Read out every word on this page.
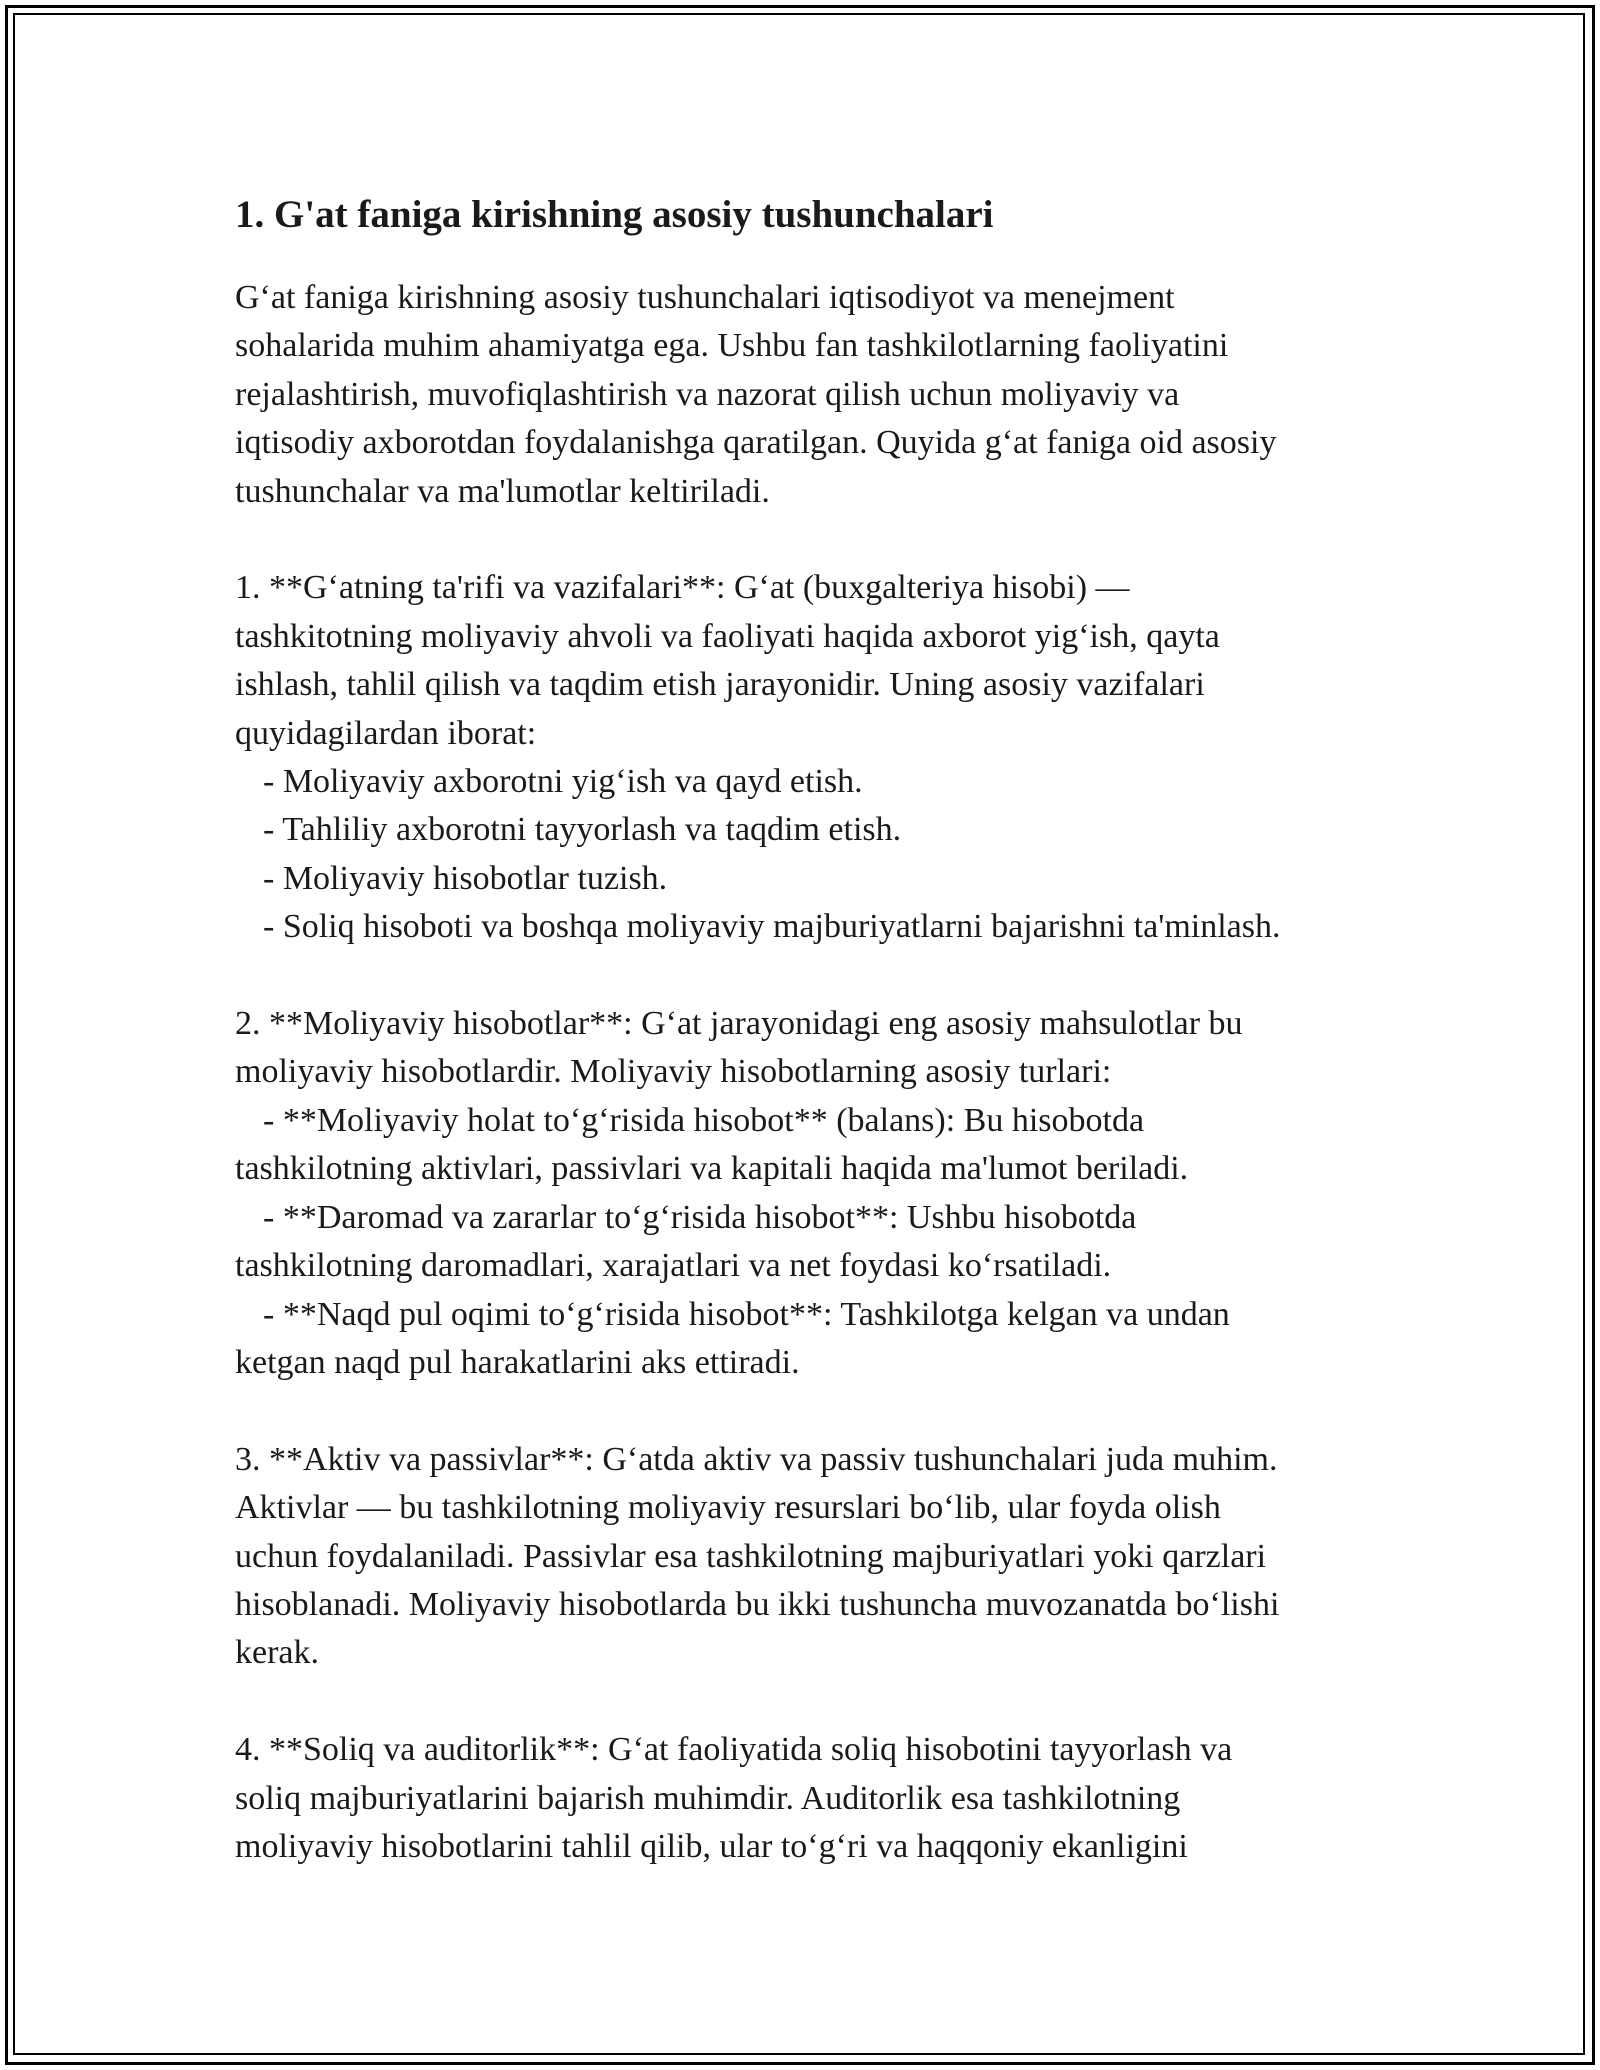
1. G'at faniga kirishning asosiy tushunchalari
G‘at faniga kirishning asosiy tushunchalari iqtisodiyot va menejment
sohalarida muhim ahamiyatga ega. Ushbu fan tashkilotlarning faoliyatini
rejalashtirish, muvofiqlashtirish va nazorat qilish uchun moliyaviy va
iqtisodiy axborotdan foydalanishga qaratilgan. Quyida g‘at faniga oid asosiy
tushunchalar va ma'lumotlar keltiriladi.
1. **G‘atning ta'rifi va vazifalari**: G‘at (buxgalteriya hisobi) —
tashkitotning moliyaviy ahvoli va faoliyati haqida axborot yig‘ish, qayta
ishlash, tahlil qilish va taqdim etish jarayonidir. Uning asosiy vazifalari
quyidagilardan iborat:
- Moliyaviy axborotni yig‘ish va qayd etish.
- Tahliliy axborotni tayyorlash va taqdim etish.
- Moliyaviy hisobotlar tuzish.
- Soliq hisoboti va boshqa moliyaviy majburiyatlarni bajarishni ta'minlash.
2. **Moliyaviy hisobotlar**: G‘at jarayonidagi eng asosiy mahsulotlar bu
moliyaviy hisobotlardir. Moliyaviy hisobotlarning asosiy turlari:
- **Moliyaviy holat to‘g‘risida hisobot** (balans): Bu hisobotda
tashkilotning aktivlari, passivlari va kapitali haqida ma'lumot beriladi.
- **Daromad va zararlar to‘g‘risida hisobot**: Ushbu hisobotda
tashkilotning daromadlari, xarajatlari va net foydasi ko‘rsatiladi.
- **Naqd pul oqimi to‘g‘risida hisobot**: Tashkilotga kelgan va undan
ketgan naqd pul harakatlarini aks ettiradi.
3. **Aktiv va passivlar**: G‘atda aktiv va passiv tushunchalari juda muhim.
Aktivlar — bu tashkilotning moliyaviy resurslari bo‘lib, ular foyda olish
uchun foydalaniladi. Passivlar esa tashkilotning majburiyatlari yoki qarzlari
hisoblanadi. Moliyaviy hisobotlarda bu ikki tushuncha muvozanatda bo‘lishi
kerak.
4. **Soliq va auditorlik**: G‘at faoliyatida soliq hisobotini tayyorlash va
soliq majburiyatlarini bajarish muhimdir. Auditorlik esa tashkilotning
moliyaviy hisobotlarini tahlil qilib, ular to‘g‘ri va haqqoniy ekanligini
